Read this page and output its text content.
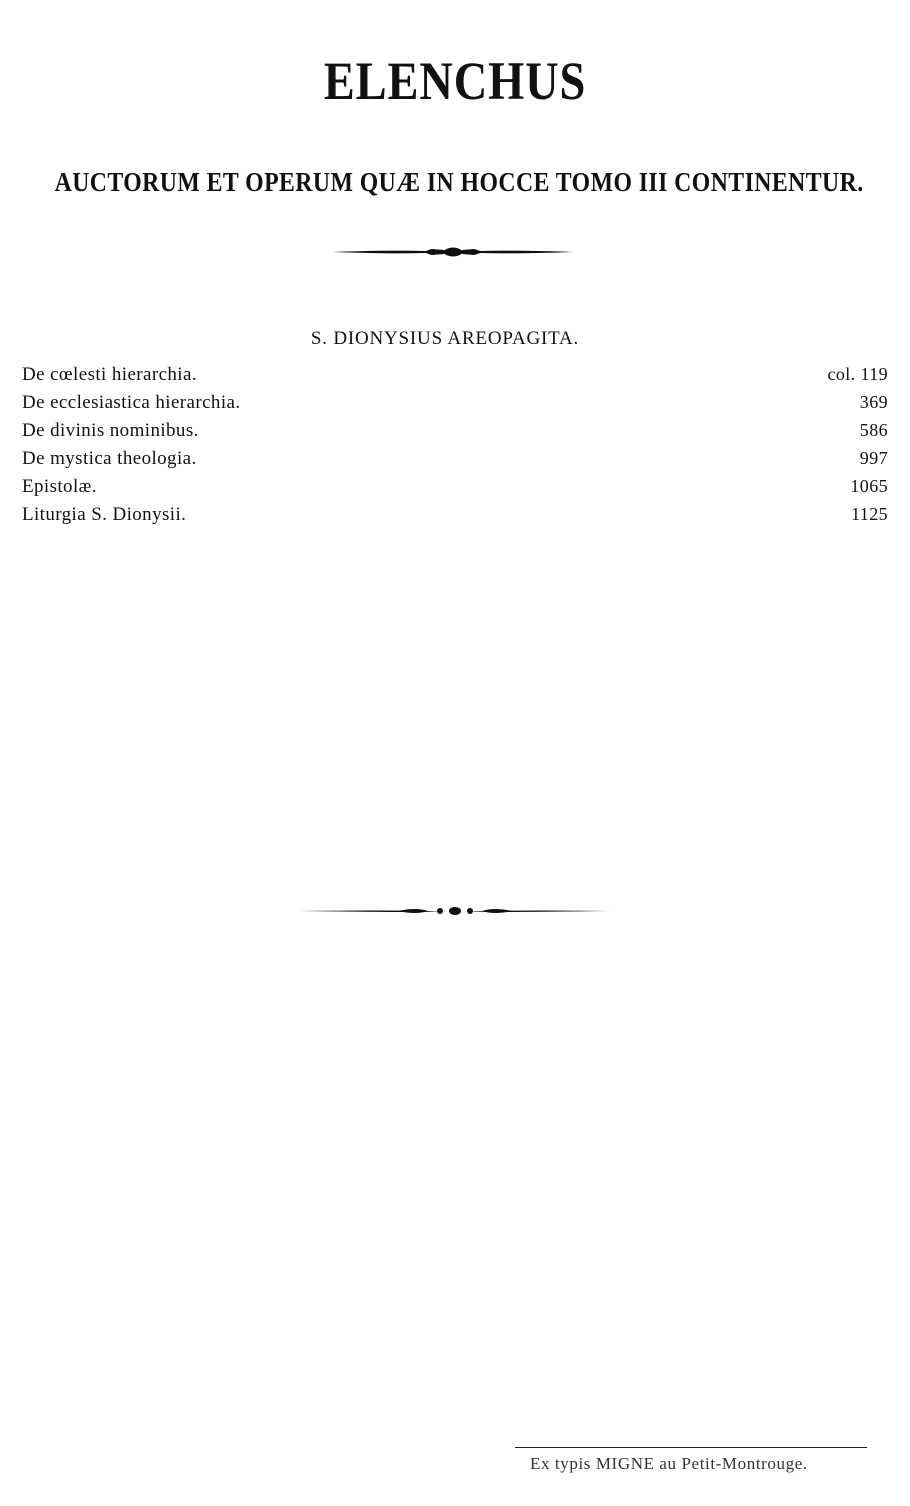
ELENCHUS
AUCTORUM ET OPERUM QUÆ IN HOCCE TOMO III CONTINENTUR.
S. DIONYSIUS AREOPAGITA.
De cœlesti hierarchia.	col. 119
De ecclesiastica hierarchia.	369
De divinis nominibus.	586
De mystica theologia.	997
Epistolæ.	1065
Liturgia S. Dionysii.	1125
Ex typis MIGNE au Petit-Montrouge.
